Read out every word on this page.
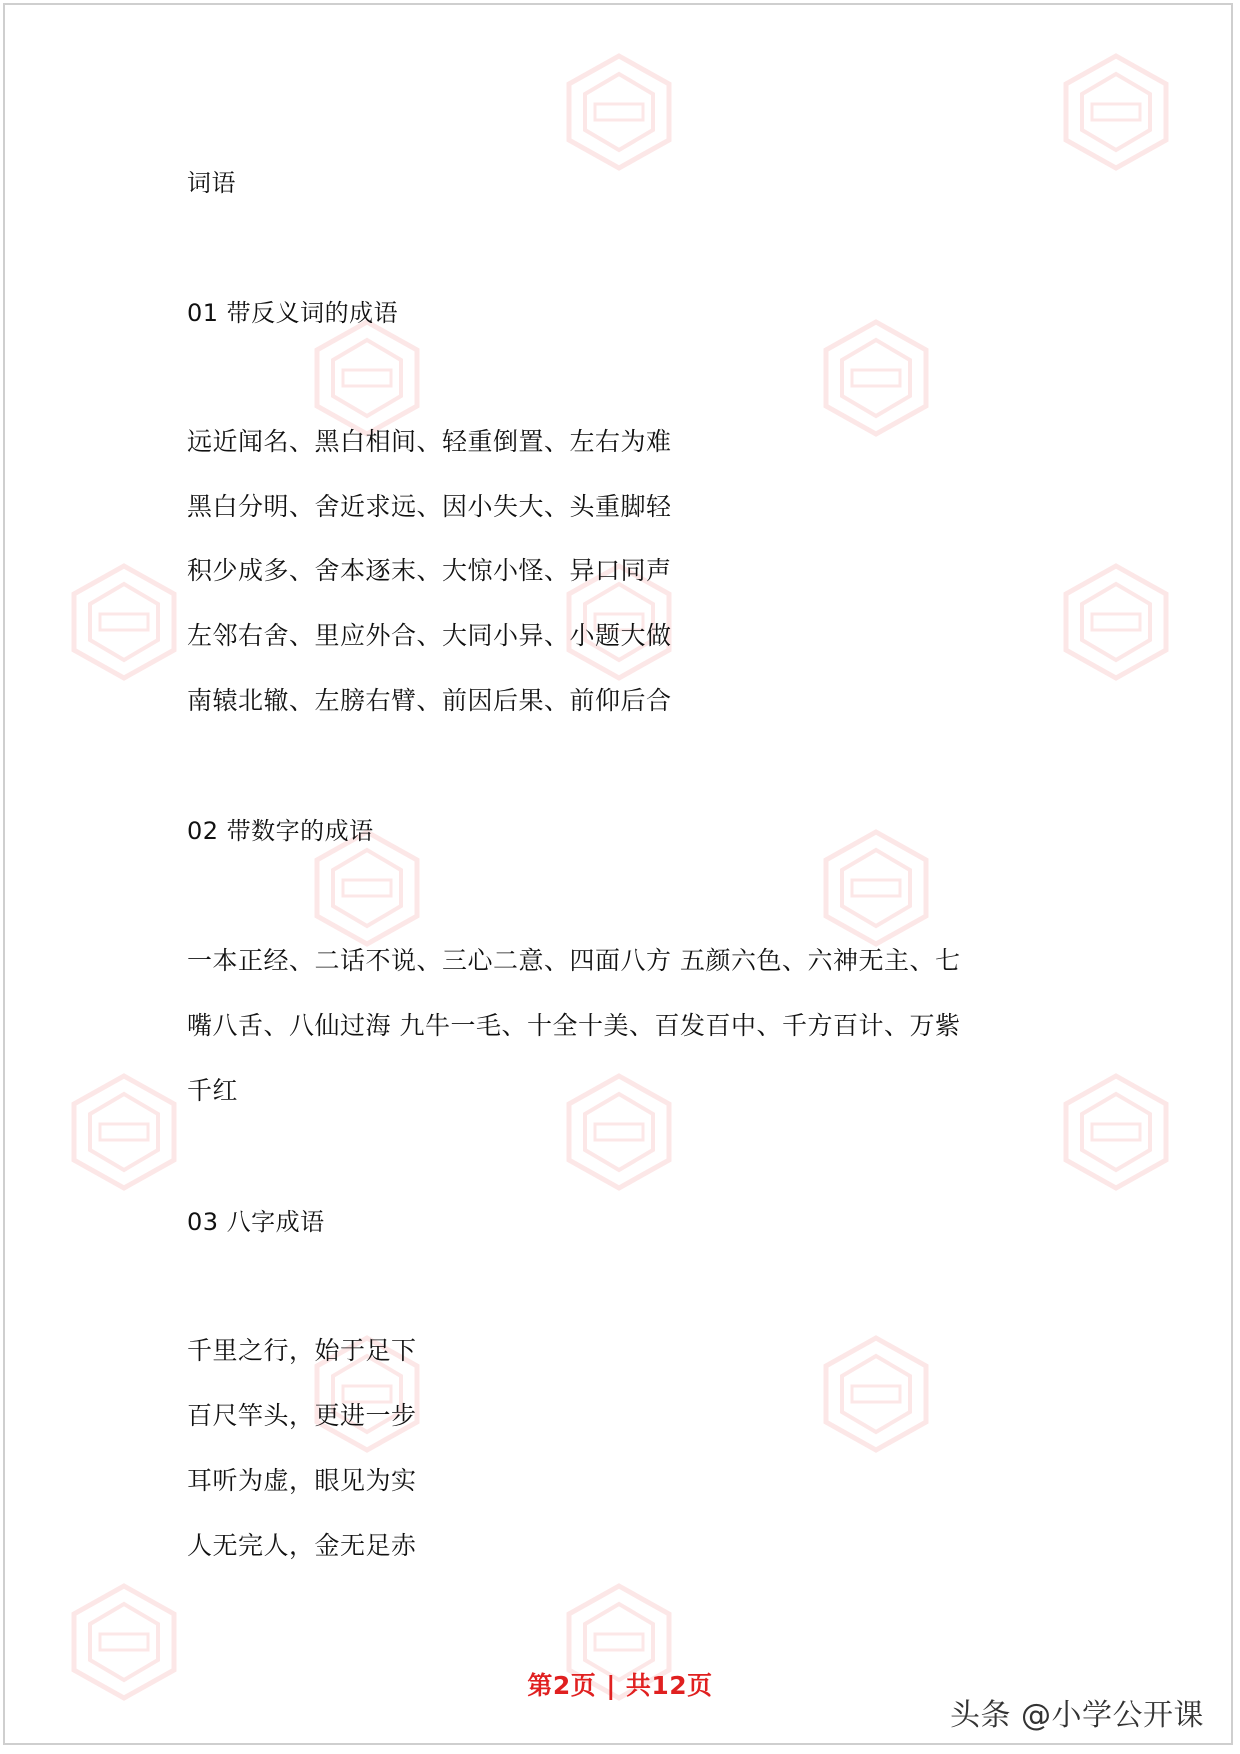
词语
01 带反义词的成语
远近闻名、黑白相间、轻重倒置、左右为难
黑白分明、舍近求远、因小失大、头重脚轻
积少成多、舍本逐末、大惊小怪、异口同声
左邻右舍、里应外合、大同小异、小题大做
南辕北辙、左膀右臂、前因后果、前仰后合
02 带数字的成语
一本正经、二话不说、三心二意、四面八方 五颜六色、六神无主、七
嘴八舌、八仙过海 九牛一毛、十全十美、百发百中、千方百计、万紫
千红
03 八字成语
千里之行，始于足下
百尺竿头，更进一步
耳听为虚，眼见为实
人无完人，金无足赤
第2页 | 共12页
头条 @小学公开课
